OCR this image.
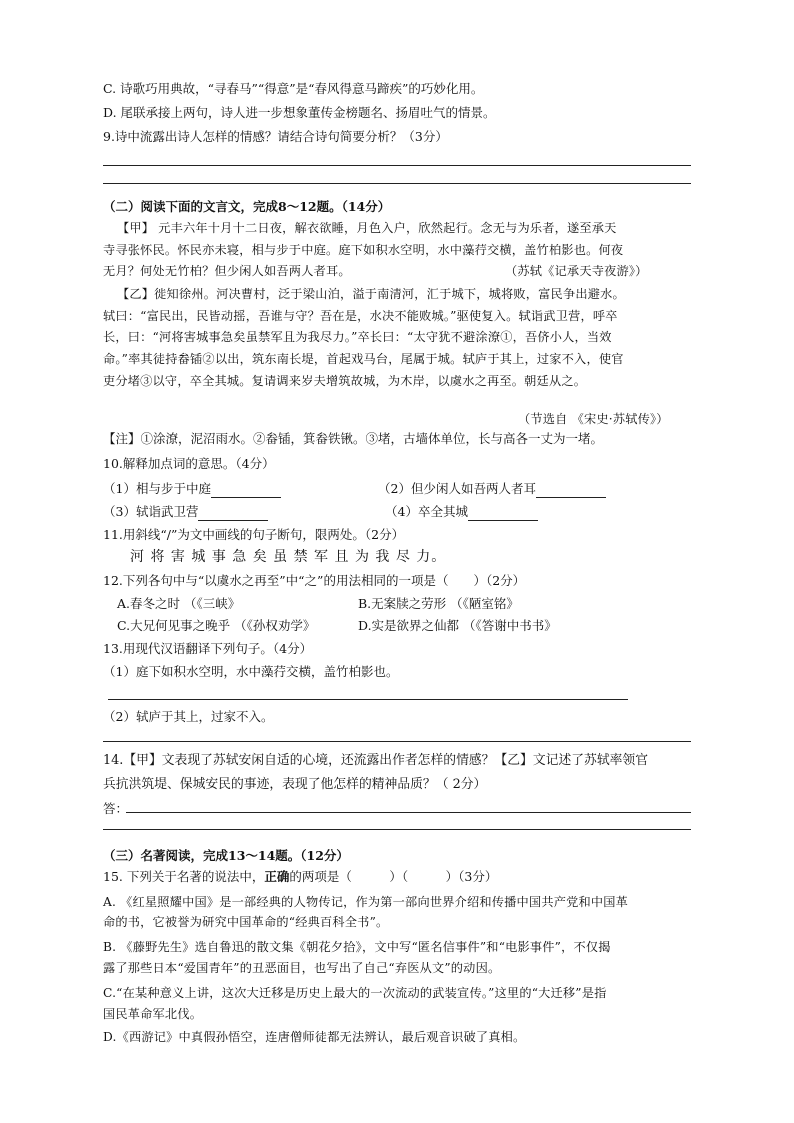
C. 诗歌巧用典故，“寻春马”“得意”是“春风得意马蹄疾”的巧妙化用。
D. 尾联承接上两句，诗人进一步想象董传金榜题名、扬眉吐气的情景。
9.诗中流露出诗人怎样的情感？请结合诗句简要分析？（3分）
（二）阅读下面的文言文，完成8～12题。（14分）
【甲】 元丰六年十月十二日夜，解衣欲睡，月色入户，欣然起行。念无与为乐者，遂至承天
寺寻张怀民。怀民亦未寝，相与步于中庭。庭下如积水空明，水中藻荇交横，盖竹柏影也。何夜
无月？何处无竹柏？但少闲人如吾两人者耳。	（苏轼《记承天寺夜游》）
【乙】徙知徐州。河决曹村，泛于梁山泊，溢于南清河，汇于城下，城将败，富民争出避水。
轼曰：“富民出，民皆动摇，吾谁与守？吾在是，水决不能败城。”驱使复入。轼诣武卫营，呼卒
长，曰：“河将害城事急矣虽禁军且为我尽力。”卒长曰：“太守犹不避涂潦①，吾侪小人，当效
命。”率其徒持畚锸②以出，筑东南长堤，首起戏马台，尾属于城。轼庐于其上，过家不入，使官
吏分堵③以守，卒全其城。复请调来岁夫增筑故城，为木岸，以虞水之再至。朝廷从之。
（节选自 《宋史·苏轼传》）
【注】①涂潦，泥沼雨水。②畚锸，箕畚铁锹。③堵，古墙体单位，长与高各一丈为一堵。
10.解释加点词的意思。（4分）
（1）相与步于中庭	（2）但少闲人如吾两人者耳
（3）轼诣武卫营	（4）卒全其城
11.用斜线“/”为文中画线的句子断句，限两处。（2分）
河 将 害 城 事 急 矣 虽 禁 军 且 为 我 尽 力。
12.下列各句中与“以虞水之再至”中“之”的用法相同的一项是（　　）（2分）
A.春冬之时 （《三峡》	B.无案牍之劳形 （《陋室铭》
C.大兄何见事之晚乎 （《孙权劝学》	D.实是欲界之仙都 （《答谢中书书》
13.用现代汉语翻译下列句子。（4分）
（1）庭下如积水空明，水中藻荇交横，盖竹柏影也。
（2）轼庐于其上，过家不入。
14.【甲】文表现了苏轼安闲自适的心境，还流露出作者怎样的情感？【乙】文记述了苏轼率领官
兵抗洪筑堤、保城安民的事迹，表现了他怎样的精神品质？（ 2分）
答：
（三）名著阅读，完成13～14题。（12分）
15. 下列关于名著的说法中，正确的两项是（　　　）（　　　）（3分）
A. 《红星照耀中国》是一部经典的人物传记，作为第一部向世界介绍和传播中国共产党和中国革
命的书，它被誉为研究中国革命的“经典百科全书”。
B. 《藤野先生》选自鲁迅的散文集《朝花夕拾》，文中写“匿名信事件”和“电影事件”，不仅揭
露了那些日本“爱国青年”的丑恶面目，也写出了自己“弃医从文”的动因。
C.“在某种意义上讲，这次大迁移是历史上最大的一次流动的武装宣传。”这里的“大迁移”是指
国民革命军北伐。
D.《西游记》中真假孙悟空，连唐僧师徒都无法辨认，最后观音识破了真相。
